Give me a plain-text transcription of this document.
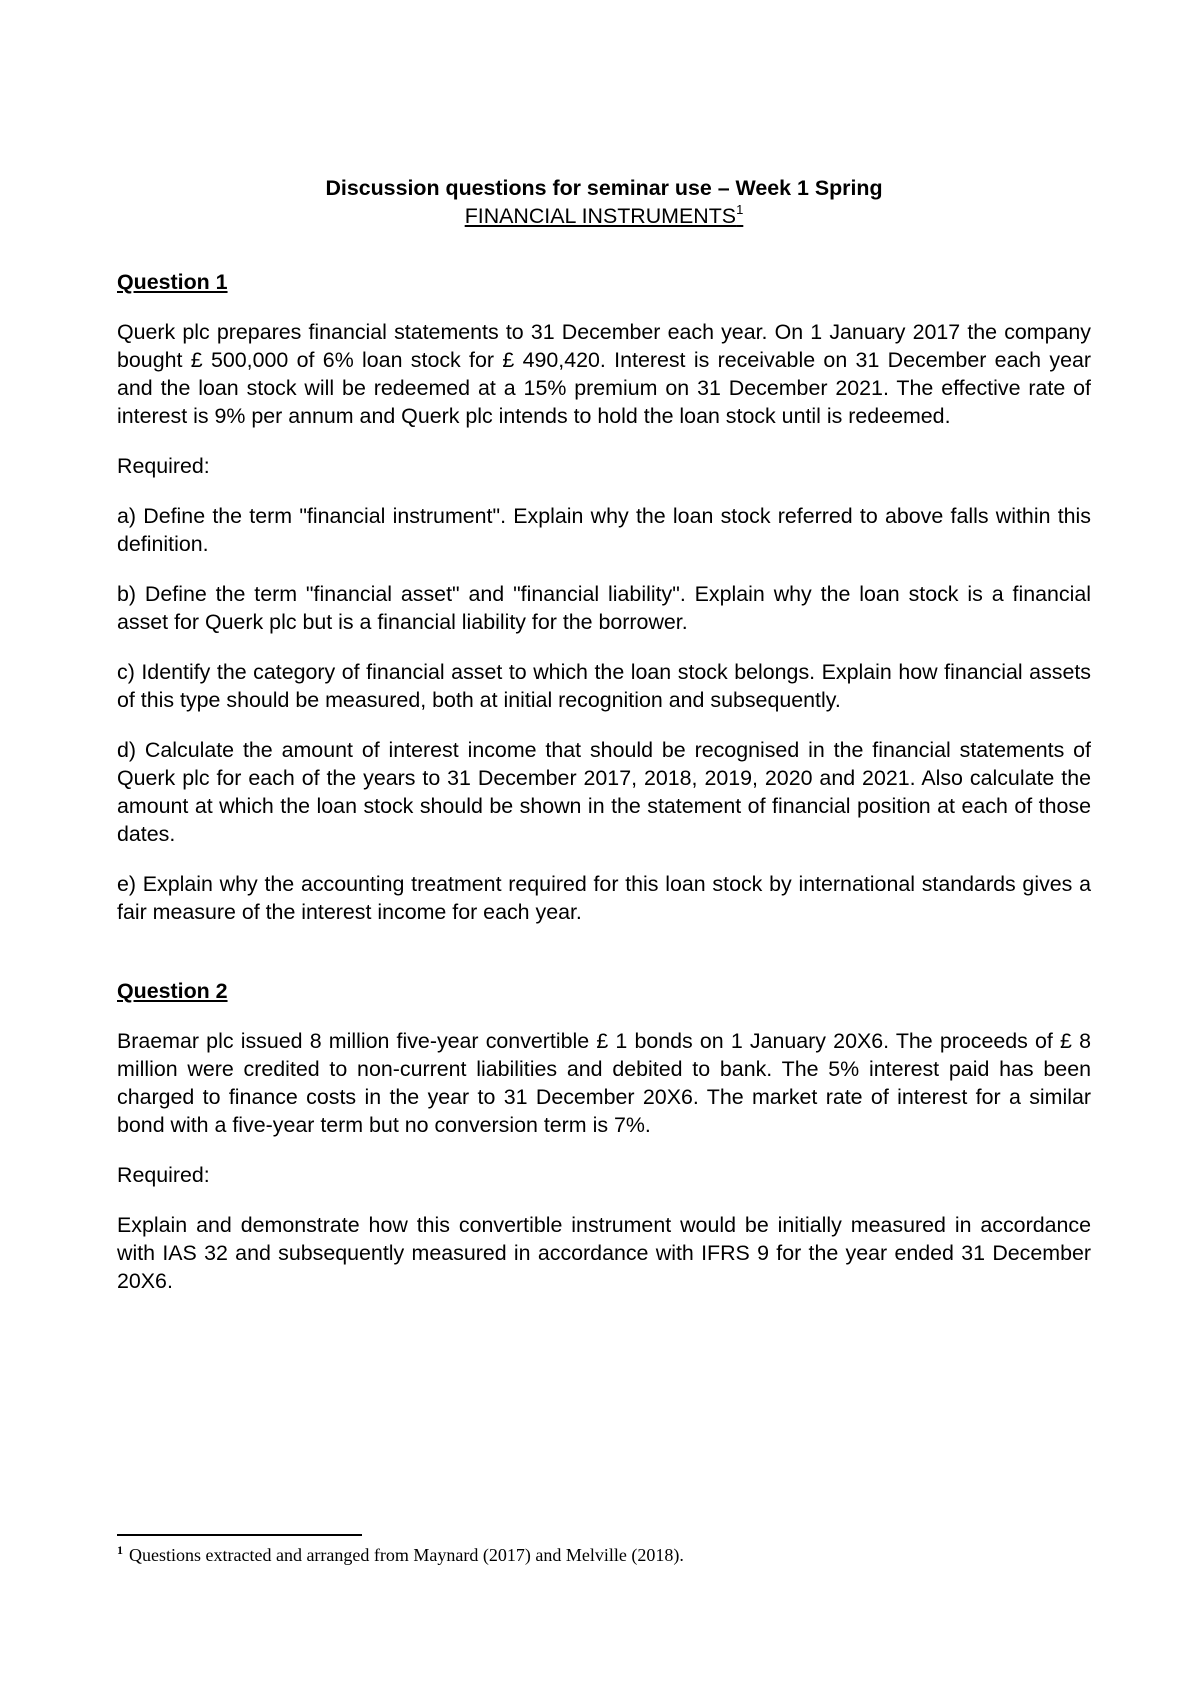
Discussion questions for seminar use – Week 1 Spring

FINANCIAL INSTRUMENTS$^1$

Question 1

Querk plc prepares financial statements to 31 December each year. On 1 January 2017 the company bought £ 500,000 of 6% loan stock for £ 490,420. Interest is receivable on 31 December each year and the loan stock will be redeemed at a 15% premium on 31 December 2021. The effective rate of interest is 9% per annum and Querk plc intends to hold the loan stock until is redeemed.

Required:

a) Define the term "financial instrument". Explain why the loan stock referred to above falls within this definition.

b) Define the term "financial asset" and "financial liability". Explain why the loan stock is a financial asset for Querk plc but is a financial liability for the borrower.

c) Identify the category of financial asset to which the loan stock belongs. Explain how financial assets of this type should be measured, both at initial recognition and subsequently.

d) Calculate the amount of interest income that should be recognised in the financial statements of Querk plc for each of the years to 31 December 2017, 2018, 2019, 2020 and 2021. Also calculate the amount at which the loan stock should be shown in the statement of financial position at each of those dates.

e) Explain why the accounting treatment required for this loan stock by international standards gives a fair measure of the interest income for each year.

Question 2

Braemar plc issued 8 million five-year convertible £ 1 bonds on 1 January 20X6. The proceeds of £ 8 million were credited to non-current liabilities and debited to bank. The 5% interest paid has been charged to finance costs in the year to 31 December 20X6. The market rate of interest for a similar bond with a five-year term but no conversion term is 7%.

Required:

Explain and demonstrate how this convertible instrument would be initially measured in accordance with IAS 32 and subsequently measured in accordance with IFRS 9 for the year ended 31 December 20X6.

$^1$ Questions extracted and arranged from Maynard (2017) and Melville (2018).
